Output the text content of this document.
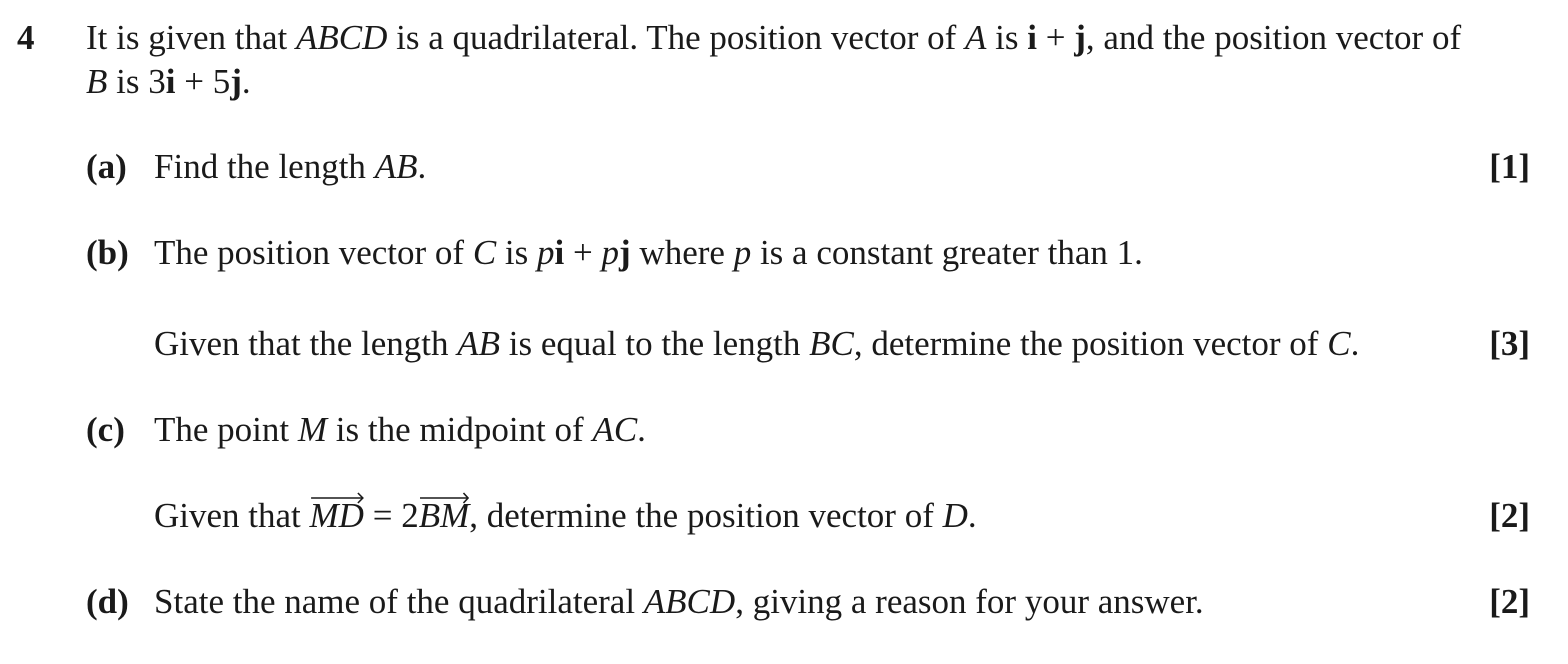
4 It is given that ABCD is a quadrilateral. The position vector of A is i + j, and the position vector of
B is 3i + 5j.
(a) Find the length AB.	[1]
(b) The position vector of C is pi + pj where p is a constant greater than 1.
Given that the length AB is equal to the length BC, determine the position vector of C.	[3]
(c) The point M is the midpoint of AC.
Given that
MD = 2
BM, determine the position vector of D.	[2]
(d) State the name of the quadrilateral ABCD, giving a reason for your answer.	[2]
